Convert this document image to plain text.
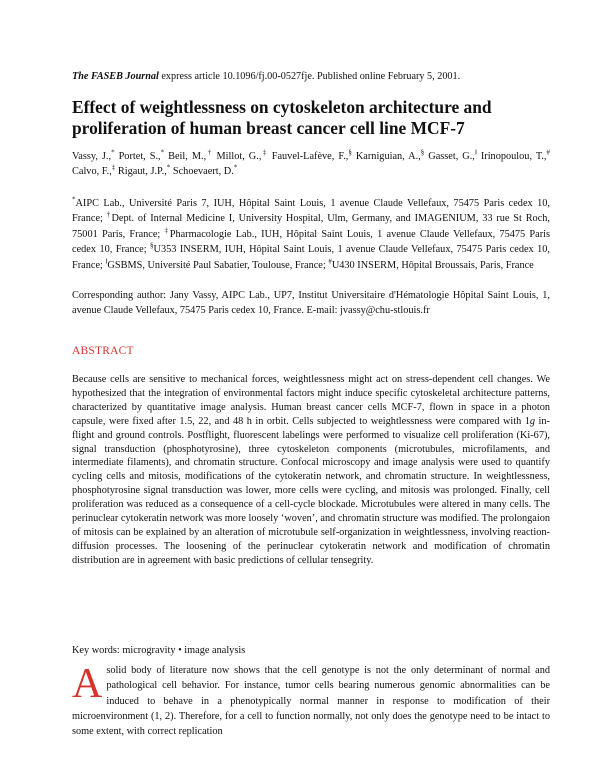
The FASEB Journal express article 10.1096/fj.00-0527fje. Published online February 5, 2001.
Effect of weightlessness on cytoskeleton architecture and proliferation of human breast cancer cell line MCF-7

Vassy, J.,* Portet, S.,* Beil, M.,† Millot, G.,‡ Fauvel-Lafève, F.,§ Karniguian, A.,§ Gasset, G.,‖ Irinopoulou, T.,# Calvo, F.,‡ Rigaut, J.P.,* Schoevaert, D.*

*AIPC Lab., Université Paris 7, IUH, Hôpital Saint Louis, 1 avenue Claude Vellefaux, 75475 Paris cedex 10, France; †Dept. of Internal Medicine I, University Hospital, Ulm, Germany, and IMAGENIUM, 33 rue St Roch, 75001 Paris, France; ‡Pharmacologie Lab., IUH, Hôpital Saint Louis, 1 avenue Claude Vellefaux, 75475 Paris cedex 10, France; §U353 INSERM, IUH, Hôpital Saint Louis, 1 avenue Claude Vellefaux, 75475 Paris cedex 10, France; ‖GSBMS, Université Paul Sabatier, Toulouse, France; #U430 INSERM, Hôpital Broussais, Paris, France

Corresponding author: Jany Vassy, AIPC Lab., UP7, Institut Universitaire d'Hématologie Hôpital Saint Louis, 1, avenue Claude Vellefaux, 75475 Paris cedex 10, France. E-mail: jvassy@chu-stlouis.fr

ABSTRACT

Because cells are sensitive to mechanical forces, weightlessness might act on stress-dependent cell changes. We hypothesized that the integration of environmental factors might induce specific cytoskeletal architecture patterns, characterized by quantitative image analysis. Human breast cancer cells MCF-7, flown in space in a photon capsule, were fixed after 1.5, 22, and 48 h in orbit. Cells subjected to weightlessness were compared with 1g in-flight and ground controls. Postflight, fluorescent labelings were performed to visualize cell proliferation (Ki-67), signal transduction (phosphotyrosine), three cytoskeleton components (microtubules, microfilaments, and intermediate filaments), and chromatin structure. Confocal microscopy and image analysis were used to quantify cycling cells and mitosis, modifications of the cytokeratin network, and chromatin structure. In weightlessness, phosphotyrosine signal transduction was lower, more cells were cycling, and mitosis was prolonged. Finally, cell proliferation was reduced as a consequence of a cell-cycle blockade. Microtubules were altered in many cells. The perinuclear cytokeratin network was more loosely ‘woven’, and chromatin structure was modified. The prolongaion of mitosis can be explained by an alteration of microtubule self-organization in weightlessness, involving reaction-diffusion processes. The loosening of the perinuclear cytokeratin network and modification of chromatin distribution are in agreement with basic predictions of cellular tensegrity.

Key words: microgravity • image analysis

A solid body of literature now shows that the cell genotype is not the only determinant of normal and pathological cell behavior. For instance, tumor cells bearing numerous genomic abnormalities can be induced to behave in a phenotypically normal manner in response to modification of their microenvironment (1, 2). Therefore, for a cell to function normally, not only does the genotype need to be intact to some extent, with correct replication
